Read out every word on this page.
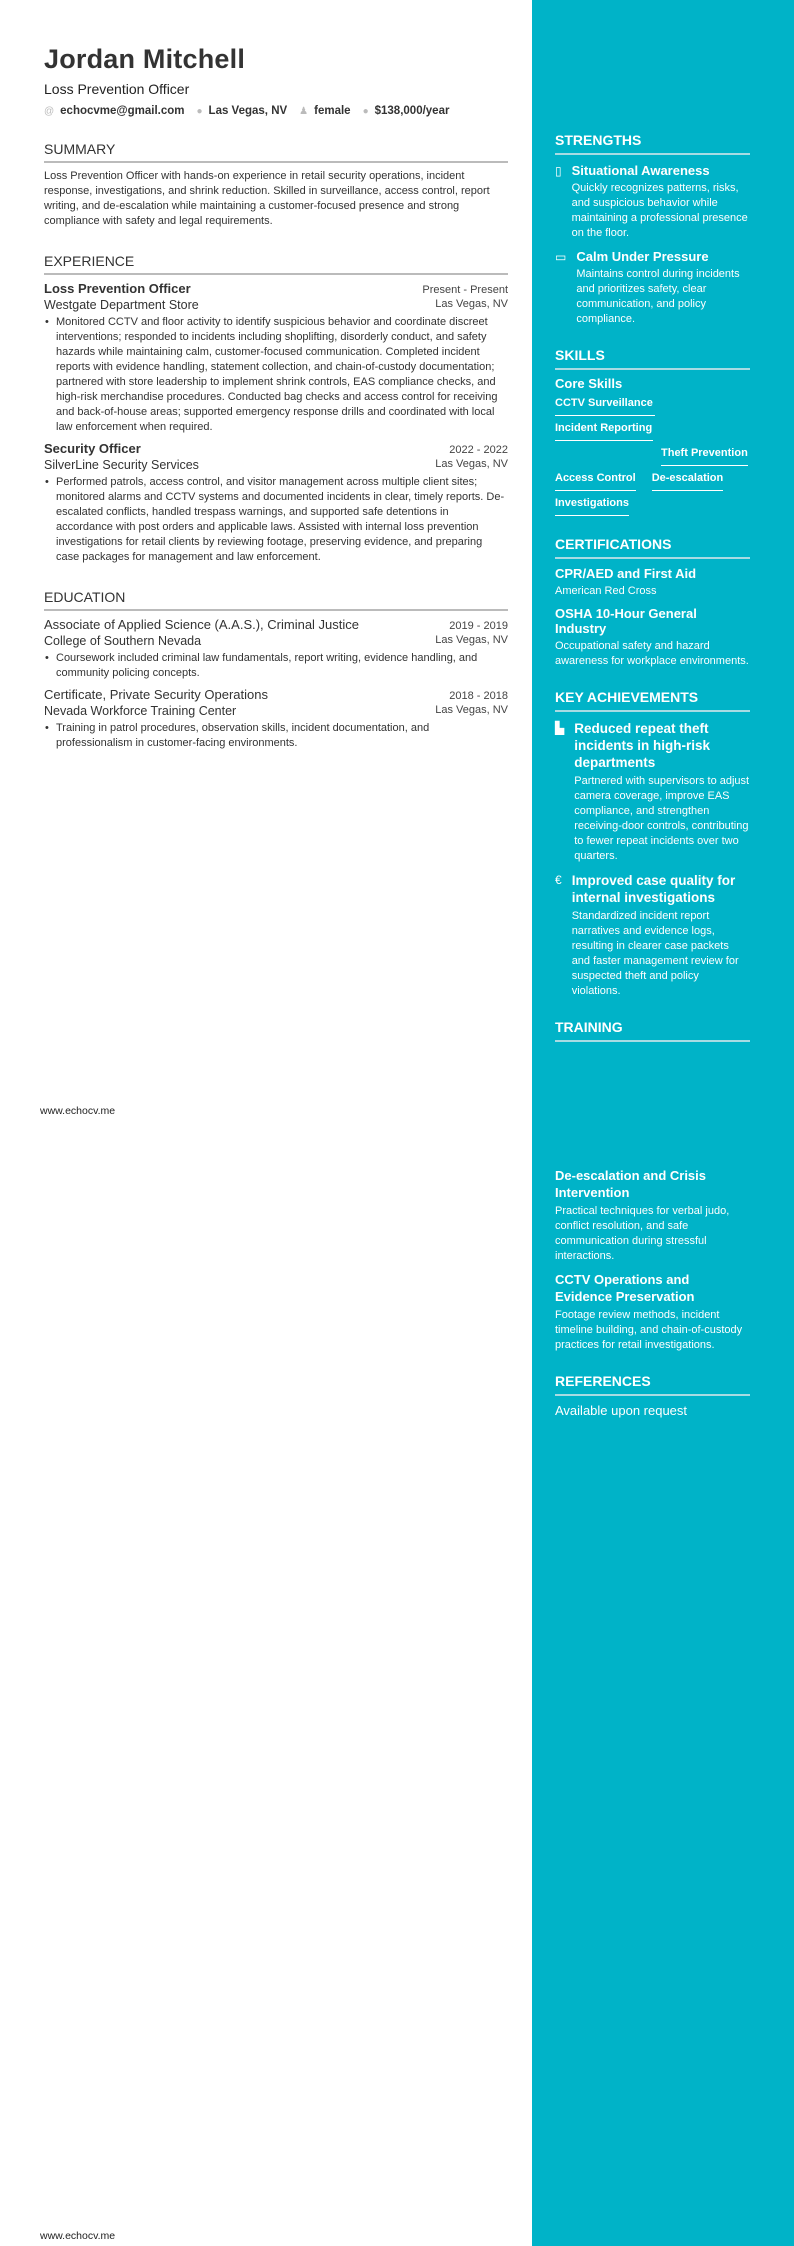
Jordan Mitchell
Loss Prevention Officer
@ echocvme@gmail.com ● Las Vegas, NV ♟ female ● $138,000/year
SUMMARY
Loss Prevention Officer with hands-on experience in retail security operations, incident response, investigations, and shrink reduction. Skilled in surveillance, access control, report writing, and de-escalation while maintaining a customer-focused presence and strong compliance with safety and legal requirements.
EXPERIENCE
Loss Prevention Officer	Present - Present
Westgate Department Store	Las Vegas, NV
• Monitored CCTV and floor activity to identify suspicious behavior and coordinate discreet interventions; responded to incidents including shoplifting, disorderly conduct, and safety hazards while maintaining calm, customer-focused communication. Completed incident reports with evidence handling, statement collection, and chain-of-custody documentation; partnered with store leadership to implement shrink controls, EAS compliance checks, and high-risk merchandise procedures. Conducted bag checks and access control for receiving and back-of-house areas; supported emergency response drills and coordinated with local law enforcement when required.
Security Officer	2022 - 2022
SilverLine Security Services	Las Vegas, NV
• Performed patrols, access control, and visitor management across multiple client sites; monitored alarms and CCTV systems and documented incidents in clear, timely reports. De-escalated conflicts, handled trespass warnings, and supported safe detentions in accordance with post orders and applicable laws. Assisted with internal loss prevention investigations for retail clients by reviewing footage, preserving evidence, and preparing case packages for management and law enforcement.
EDUCATION
Associate of Applied Science (A.A.S.), Criminal Justice	2019 - 2019
College of Southern Nevada	Las Vegas, NV
• Coursework included criminal law fundamentals, report writing, evidence handling, and community policing concepts.
Certificate, Private Security Operations	2018 - 2018
Nevada Workforce Training Center	Las Vegas, NV
• Training in patrol procedures, observation skills, incident documentation, and professionalism in customer-facing environments.
www.echocv.me
www.echocv.me
STRENGTHS
▯ Situational Awareness
Quickly recognizes patterns, risks, and suspicious behavior while maintaining a professional presence on the floor.
▭ Calm Under Pressure
Maintains control during incidents and prioritizes safety, clear communication, and policy compliance.
SKILLS
Core Skills
CCTV Surveillance
Incident Reporting
Theft Prevention
Access Control De-escalation
Investigations
CERTIFICATIONS
CPR/AED and First Aid
American Red Cross
OSHA 10-Hour General Industry
Occupational safety and hazard awareness for workplace environments.
KEY ACHIEVEMENTS
▙ Reduced repeat theft incidents in high-risk departments
Partnered with supervisors to adjust camera coverage, improve EAS compliance, and strengthen receiving-door controls, contributing to fewer repeat incidents over two quarters.
€ Improved case quality for internal investigations
Standardized incident report narratives and evidence logs, resulting in clearer case packets and faster management review for suspected theft and policy violations.
TRAINING
De-escalation and Crisis Intervention
Practical techniques for verbal judo, conflict resolution, and safe communication during stressful interactions.
CCTV Operations and Evidence Preservation
Footage review methods, incident timeline building, and chain-of-custody practices for retail investigations.
REFERENCES
Available upon request
